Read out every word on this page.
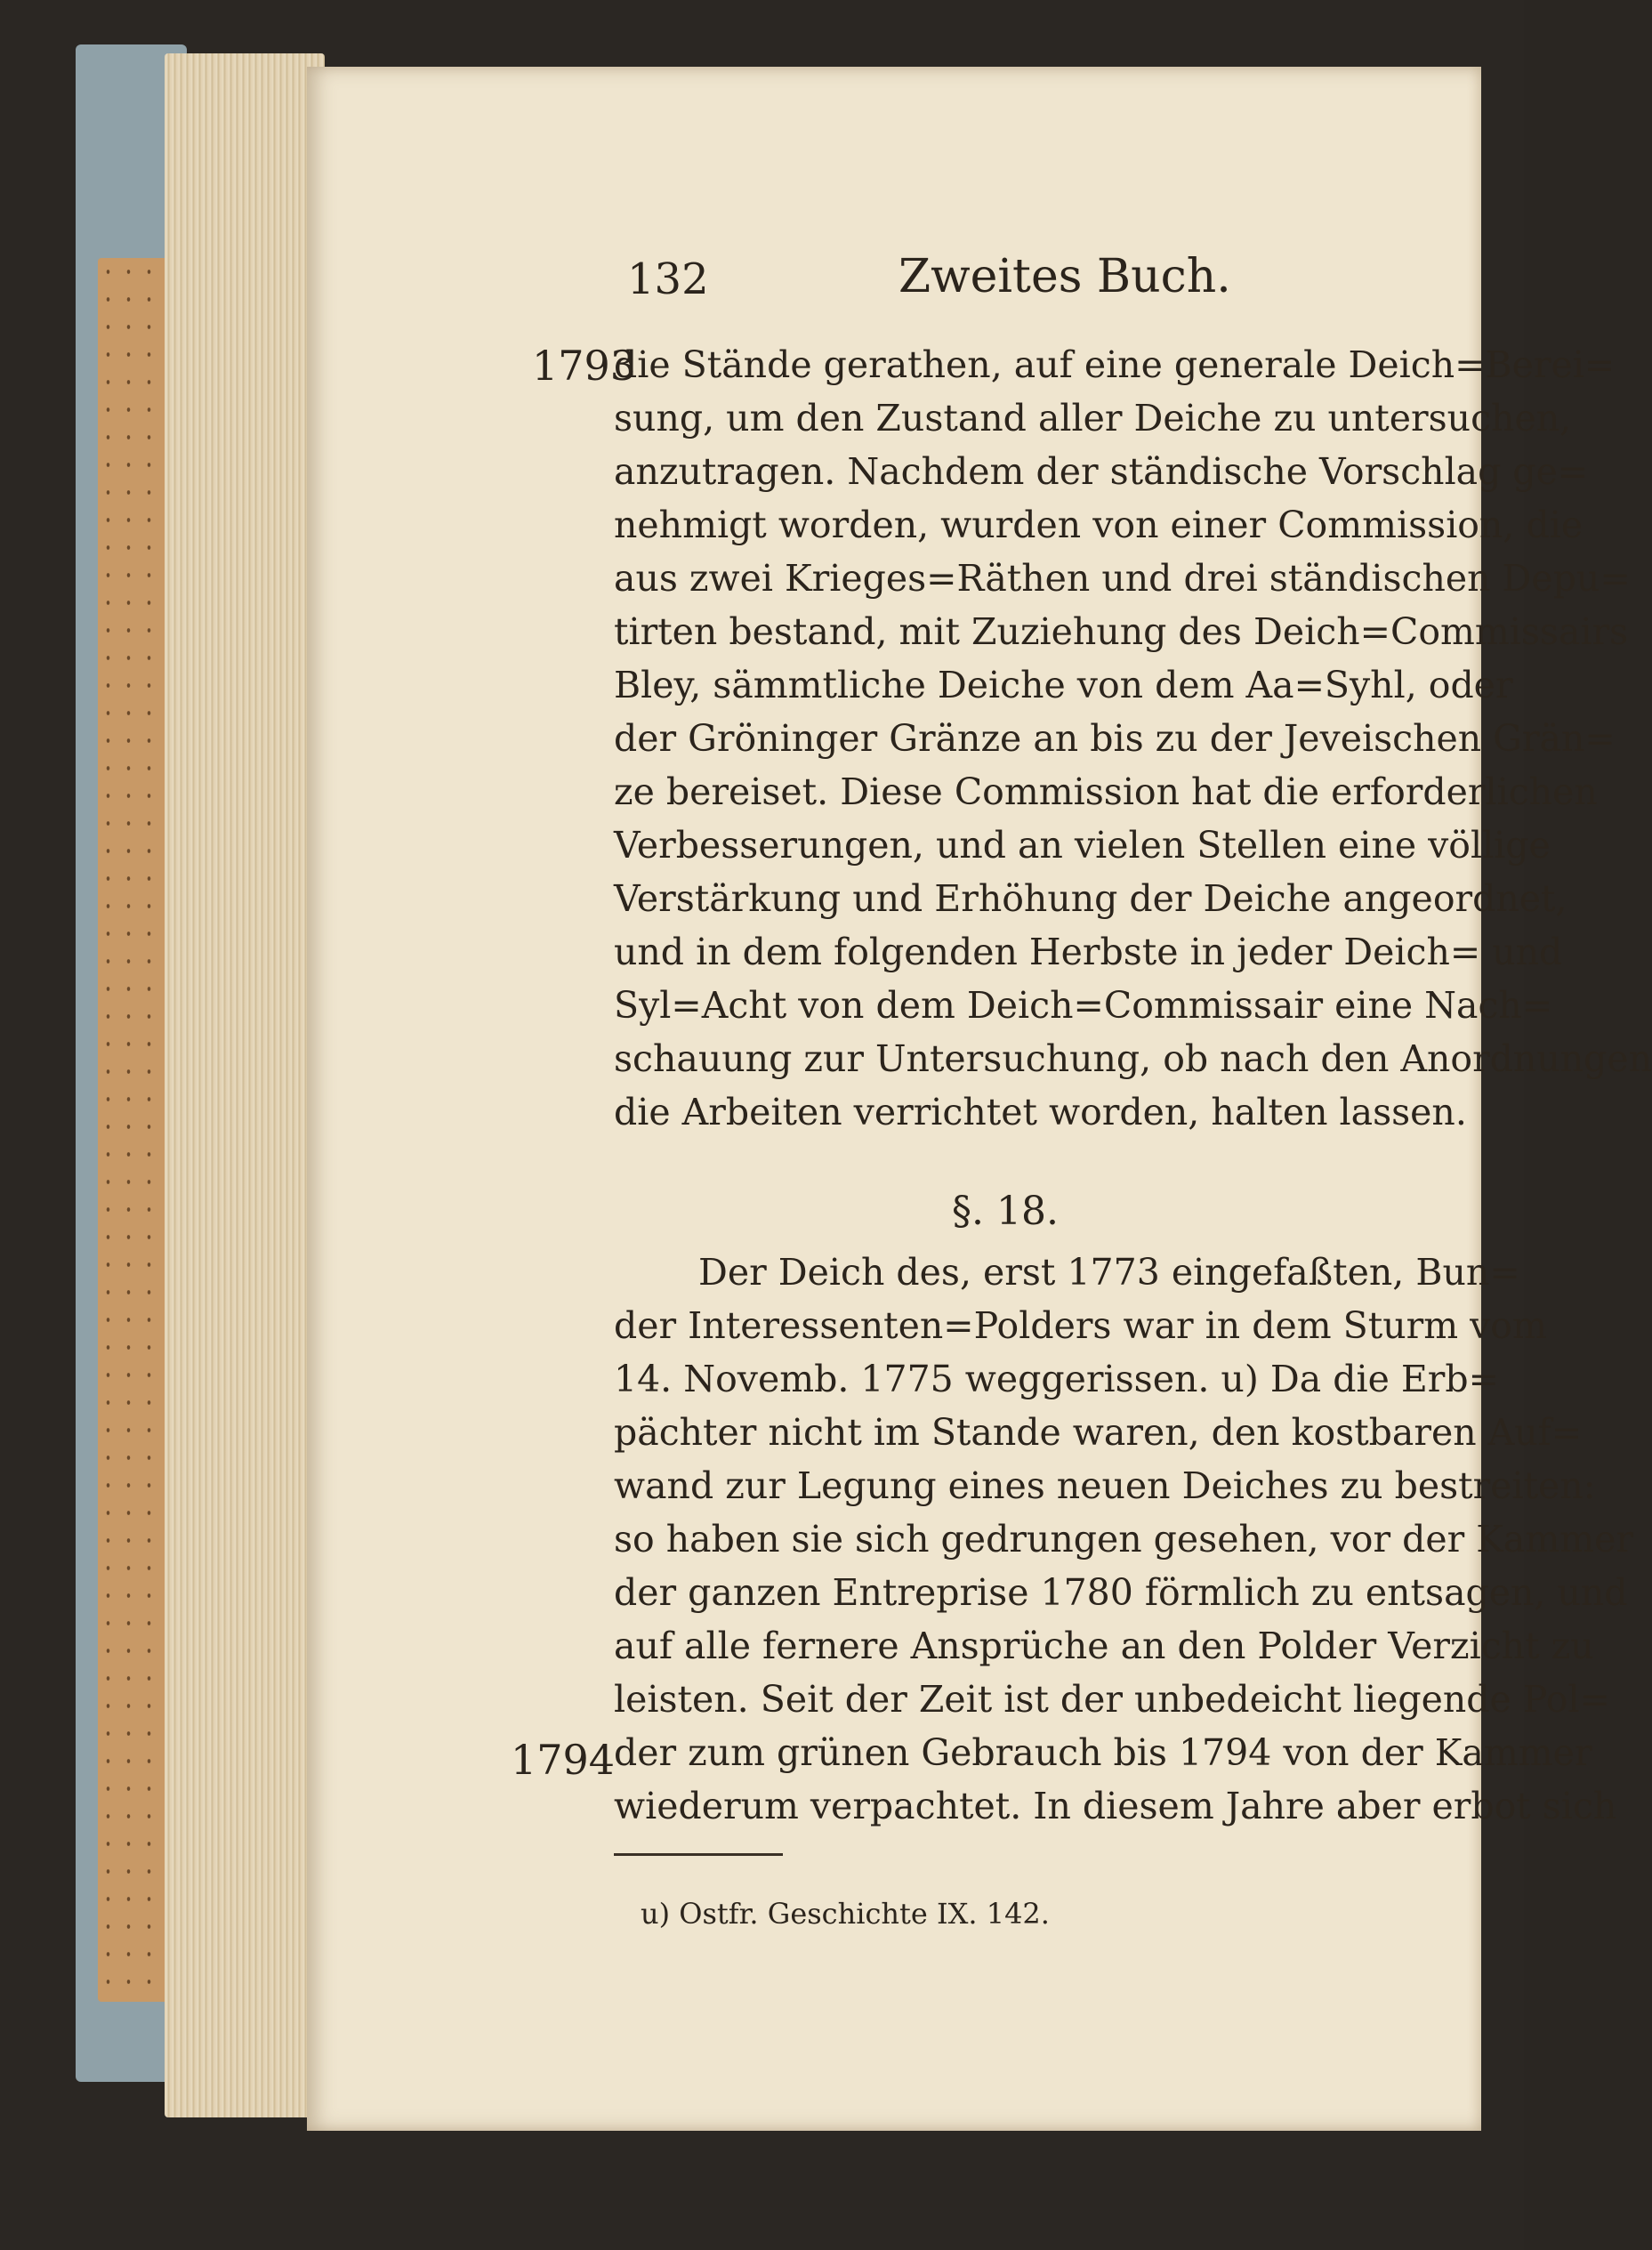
132	Zweites Buch.
1793
die Stände gerathen, auf eine generale Deich=Berei=
sung, um den Zustand aller Deiche zu untersuchen,
anzutragen. Nachdem der ständische Vorschlag ge=
nehmigt worden, wurden von einer Commission, die
aus zwei Krieges=Räthen und drei ständischen Depu=
tirten bestand, mit Zuziehung des Deich=Commissairs
Bley, sämmtliche Deiche von dem Aa=Syhl, oder
der Gröninger Gränze an bis zu der Jeveischen Grän=
ze bereiset. Diese Commission hat die erforderlichen
Verbesserungen, und an vielen Stellen eine völlige
Verstärkung und Erhöhung der Deiche angeordnet,
und in dem folgenden Herbste in jeder Deich= und
Syl=Acht von dem Deich=Commissair eine Nach=
schauung zur Untersuchung, ob nach den Anordnungen
die Arbeiten verrichtet worden, halten lassen.
§. 18.
Der Deich des, erst 1773 eingefaßten, Bun=
der Interessenten=Polders war in dem Sturm vom
14. Novemb. 1775 weggerissen. u) Da die Erb=
pächter nicht im Stande waren, den kostbaren Auf=
wand zur Legung eines neuen Deiches zu bestreiten:
so haben sie sich gedrungen gesehen, vor der Kammer
der ganzen Entreprise 1780 förmlich zu entsagen, und
auf alle fernere Ansprüche an den Polder Verzicht zu
leisten. Seit der Zeit ist der unbedeicht liegende Pol=
der zum grünen Gebrauch bis 1794 von der Kammer
wiederum verpachtet. In diesem Jahre aber erbot sich
1794
u) Ostfr. Geschichte IX. 142.
